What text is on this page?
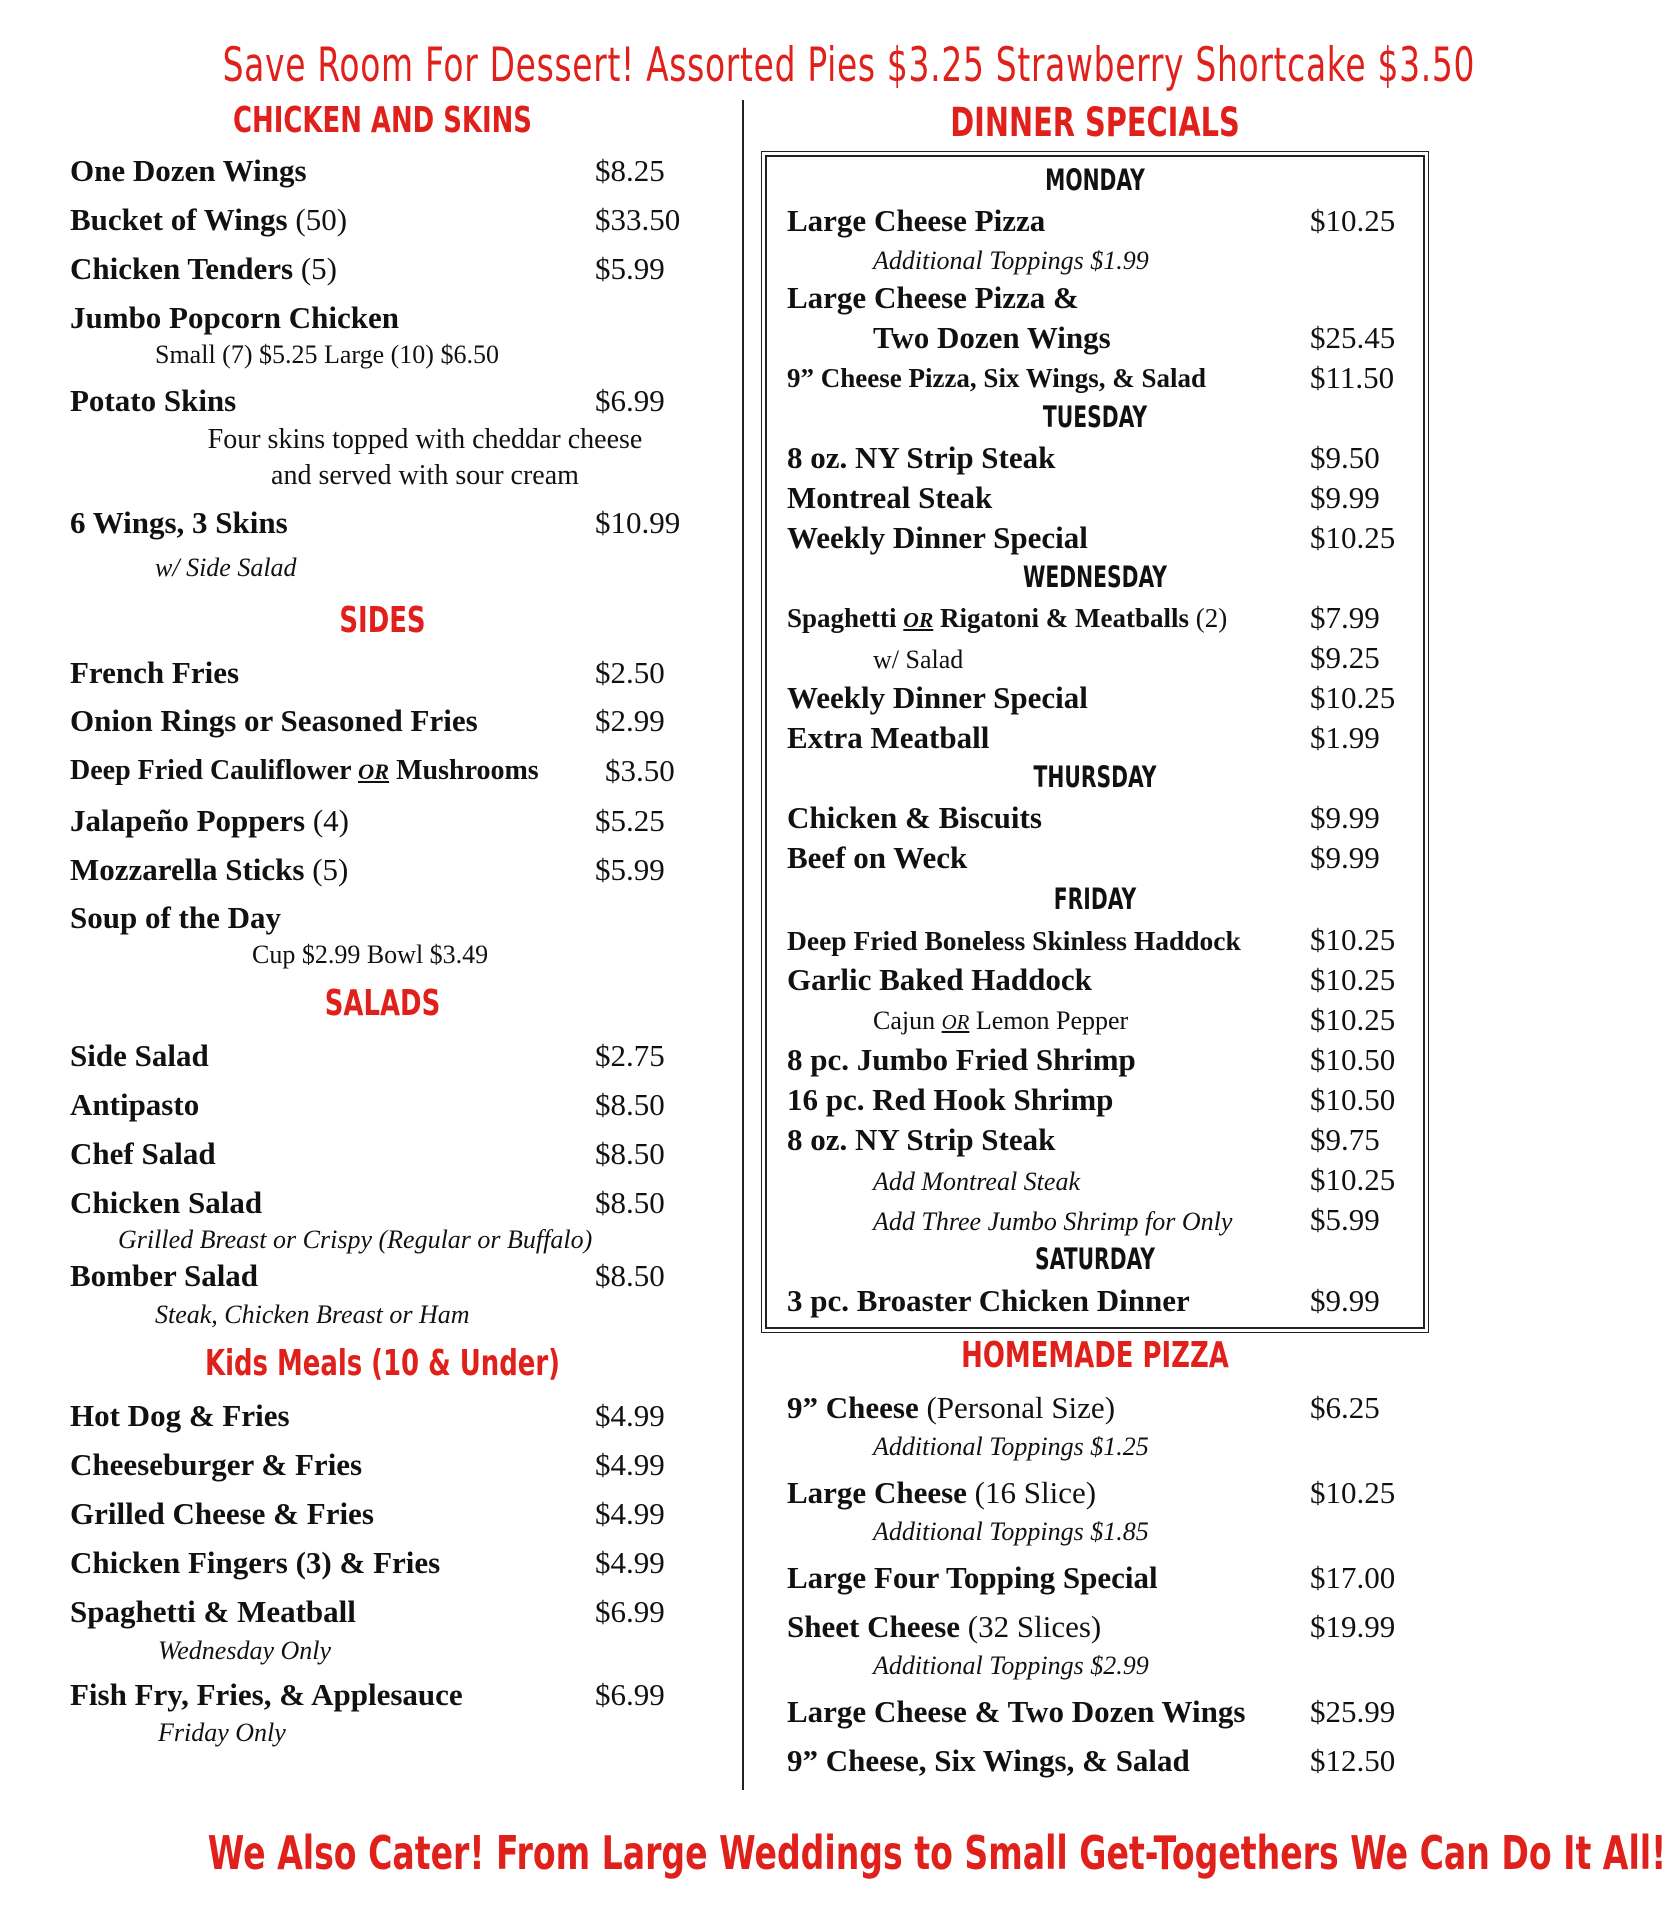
Save Room For Dessert! Assorted Pies $3.25 Strawberry Shortcake $3.50
CHICKEN AND SKINS
One Dozen Wings	$8.25
Bucket of Wings (50)	$33.50
Chicken Tenders (5)	$5.99
Jumbo Popcorn Chicken
Small (7) $5.25 Large (10) $6.50
Potato Skins	$6.99
Four skins topped with cheddar cheese
and served with sour cream
6 Wings, 3 Skins	$10.99
w/ Side Salad
SIDES
French Fries	$2.50
Onion Rings or Seasoned Fries	$2.99
Deep Fried Cauliflower OR Mushrooms $3.50
Jalapeño Poppers (4)	$5.25
Mozzarella Sticks (5)	$5.99
Soup of the Day
Cup $2.99 Bowl $3.49
SALADS
Side Salad	$2.75
Antipasto	$8.50
Chef Salad	$8.50
Chicken Salad	$8.50
Grilled Breast or Crispy (Regular or Buffalo)
Bomber Salad	$8.50
Steak, Chicken Breast or Ham
Kids Meals (10 & Under)
Hot Dog & Fries	$4.99
Cheeseburger & Fries	$4.99
Grilled Cheese & Fries	$4.99
Chicken Fingers (3) & Fries	$4.99
Spaghetti & Meatball	$6.99
Wednesday Only
Fish Fry, Fries, & Applesauce	$6.99
Friday Only
DINNER SPECIALS
MONDAY
Large Cheese Pizza	$10.25
Additional Toppings $1.99
Large Cheese Pizza &
Two Dozen Wings	$25.45
9” Cheese Pizza, Six Wings, & Salad	$11.50
TUESDAY
8 oz. NY Strip Steak	$9.50
Montreal Steak	$9.99
Weekly Dinner Special	$10.25
WEDNESDAY
Spaghetti OR Rigatoni & Meatballs (2)	$7.99
w/ Salad	$9.25
Weekly Dinner Special	$10.25
Extra Meatball	$1.99
THURSDAY
Chicken & Biscuits	$9.99
Beef on Weck	$9.99
FRIDAY
Deep Fried Boneless Skinless Haddock $10.25
Garlic Baked Haddock	$10.25
Cajun OR Lemon Pepper	$10.25
8 pc. Jumbo Fried Shrimp	$10.50
16 pc. Red Hook Shrimp	$10.50
8 oz. NY Strip Steak	$9.75
Add Montreal Steak	$10.25
Add Three Jumbo Shrimp for Only	$5.99
SATURDAY
3 pc. Broaster Chicken Dinner	$9.99
HOMEMADE PIZZA
9” Cheese (Personal Size)	$6.25
Additional Toppings $1.25
Large Cheese (16 Slice)	$10.25
Additional Toppings $1.85
Large Four Topping Special	$17.00
Sheet Cheese (32 Slices)	$19.99
Additional Toppings $2.99
Large Cheese & Two Dozen Wings $25.99
9” Cheese, Six Wings, & Salad	$12.50
We Also Cater! From Large Weddings to Small Get-Togethers We Can Do It All!
